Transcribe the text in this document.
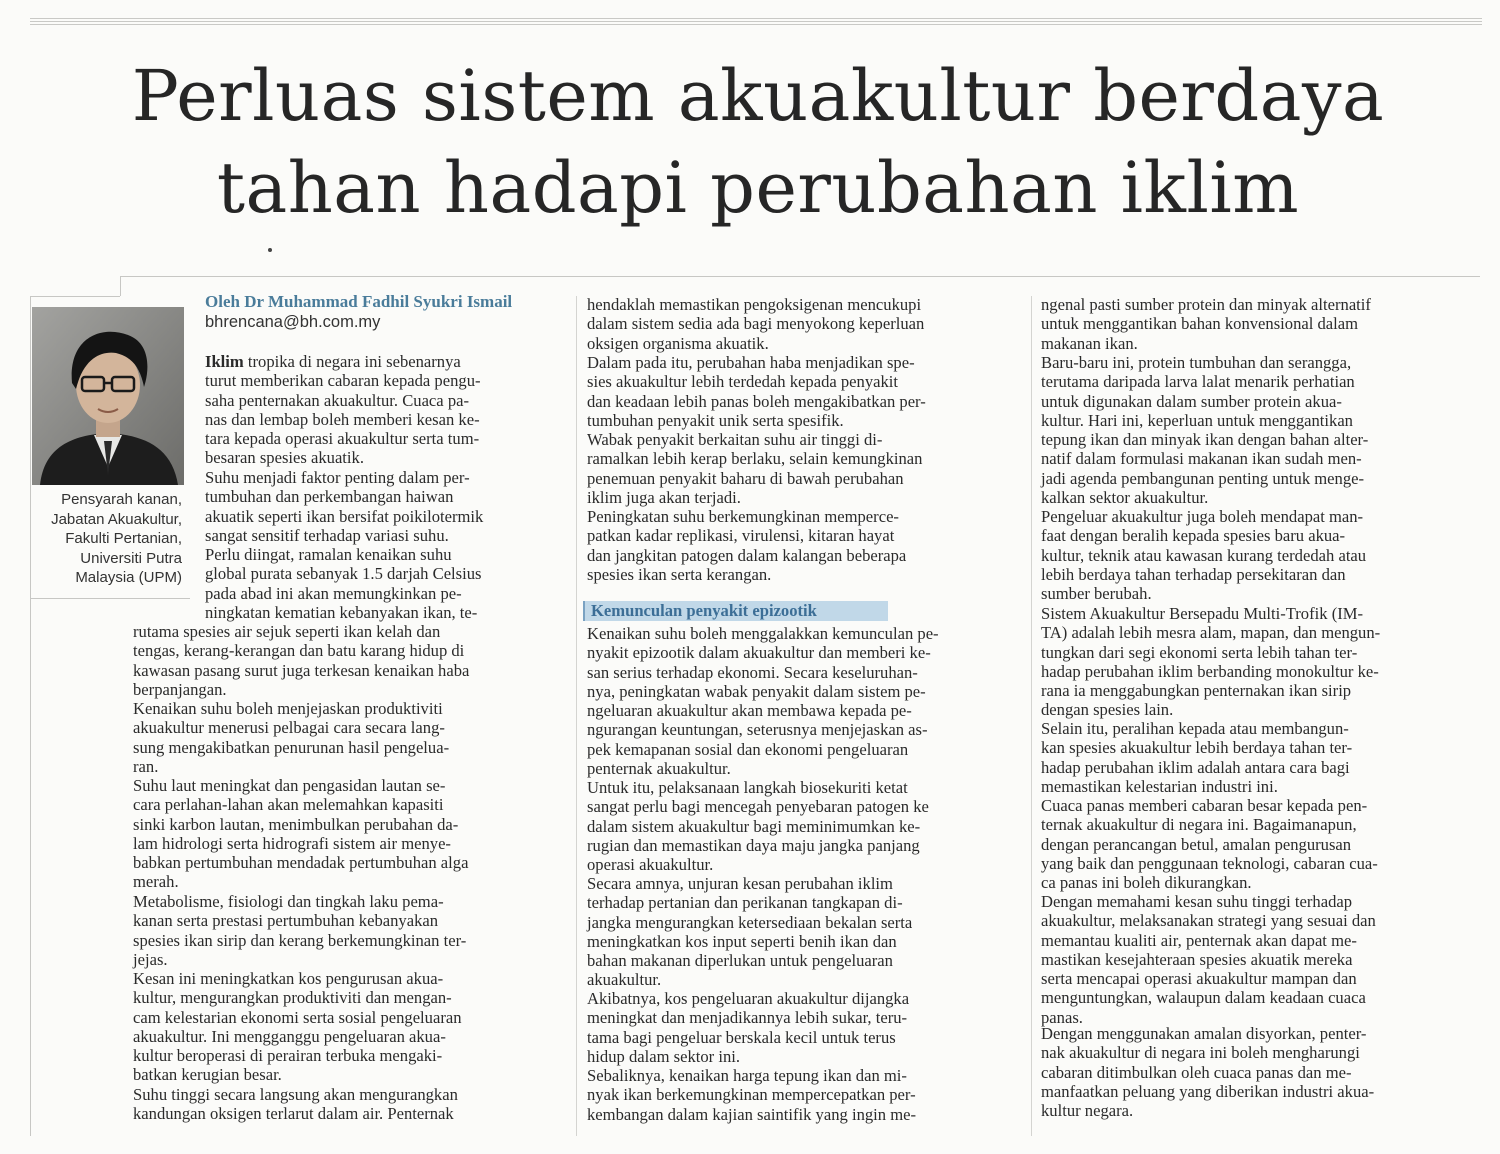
Perluas sistem akuakultur berdaya
tahan hadapi perubahan iklim
Pensyarah kanan,
Jabatan Akuakultur,
Fakulti Pertanian,
Universiti Putra
Malaysia (UPM)
Oleh Dr Muhammad Fadhil Syukri Ismail
bhrencana@bh.com.my
Iklim tropika di negara ini sebenarnya
turut memberikan cabaran kepada pengu-
saha penternakan akuakultur. Cuaca pa-
nas dan lembap boleh memberi kesan ke-
tara kepada operasi akuakultur serta tum-
besaran spesies akuatik.
Suhu menjadi faktor penting dalam per-
tumbuhan dan perkembangan haiwan
akuatik seperti ikan bersifat poikilotermik
sangat sensitif terhadap variasi suhu.
Perlu diingat, ramalan kenaikan suhu
global purata sebanyak 1.5 darjah Celsius
pada abad ini akan memungkinkan pe-
ningkatan kematian kebanyakan ikan, te-
rutama spesies air sejuk seperti ikan kelah dan
tengas, kerang-kerangan dan batu karang hidup di
kawasan pasang surut juga terkesan kenaikan haba
berpanjangan.
Kenaikan suhu boleh menjejaskan produktiviti
akuakultur menerusi pelbagai cara secara lang-
sung mengakibatkan penurunan hasil pengelua-
ran.
Suhu laut meningkat dan pengasidan lautan se-
cara perlahan-lahan akan melemahkan kapasiti
sinki karbon lautan, menimbulkan perubahan da-
lam hidrologi serta hidrografi sistem air menye-
babkan pertumbuhan mendadak pertumbuhan alga
merah.
Metabolisme, fisiologi dan tingkah laku pema-
kanan serta prestasi pertumbuhan kebanyakan
spesies ikan sirip dan kerang berkemungkinan ter-
jejas.
Kesan ini meningkatkan kos pengurusan akua-
kultur, mengurangkan produktiviti dan mengan-
cam kelestarian ekonomi serta sosial pengeluaran
akuakultur. Ini mengganggu pengeluaran akua-
kultur beroperasi di perairan terbuka mengaki-
batkan kerugian besar.
Suhu tinggi secara langsung akan mengurangkan
kandungan oksigen terlarut dalam air. Penternak
hendaklah memastikan pengoksigenan mencukupi
dalam sistem sedia ada bagi menyokong keperluan
oksigen organisma akuatik.
Dalam pada itu, perubahan haba menjadikan spe-
sies akuakultur lebih terdedah kepada penyakit
dan keadaan lebih panas boleh mengakibatkan per-
tumbuhan penyakit unik serta spesifik.
Wabak penyakit berkaitan suhu air tinggi di-
ramalkan lebih kerap berlaku, selain kemungkinan
penemuan penyakit baharu di bawah perubahan
iklim juga akan terjadi.
Peningkatan suhu berkemungkinan memperce-
patkan kadar replikasi, virulensi, kitaran hayat
dan jangkitan patogen dalam kalangan beberapa
spesies ikan serta kerangan.
Kemunculan penyakit epizootik
Kenaikan suhu boleh menggalakkan kemunculan pe-
nyakit epizootik dalam akuakultur dan memberi ke-
san serius terhadap ekonomi. Secara keseluruhan-
nya, peningkatan wabak penyakit dalam sistem pe-
ngeluaran akuakultur akan membawa kepada pe-
ngurangan keuntungan, seterusnya menjejaskan as-
pek kemapanan sosial dan ekonomi pengeluaran
penternak akuakultur.
Untuk itu, pelaksanaan langkah biosekuriti ketat
sangat perlu bagi mencegah penyebaran patogen ke
dalam sistem akuakultur bagi meminimumkan ke-
rugian dan memastikan daya maju jangka panjang
operasi akuakultur.
Secara amnya, unjuran kesan perubahan iklim
terhadap pertanian dan perikanan tangkapan di-
jangka mengurangkan ketersediaan bekalan serta
meningkatkan kos input seperti benih ikan dan
bahan makanan diperlukan untuk pengeluaran
akuakultur.
Akibatnya, kos pengeluaran akuakultur dijangka
meningkat dan menjadikannya lebih sukar, teru-
tama bagi pengeluar berskala kecil untuk terus
hidup dalam sektor ini.
Sebaliknya, kenaikan harga tepung ikan dan mi-
nyak ikan berkemungkinan mempercepatkan per-
kembangan dalam kajian saintifik yang ingin me-
ngenal pasti sumber protein dan minyak alternatif
untuk menggantikan bahan konvensional dalam
makanan ikan.
Baru-baru ini, protein tumbuhan dan serangga,
terutama daripada larva lalat menarik perhatian
untuk digunakan dalam sumber protein akua-
kultur. Hari ini, keperluan untuk menggantikan
tepung ikan dan minyak ikan dengan bahan alter-
natif dalam formulasi makanan ikan sudah men-
jadi agenda pembangunan penting untuk menge-
kalkan sektor akuakultur.
Pengeluar akuakultur juga boleh mendapat man-
faat dengan beralih kepada spesies baru akua-
kultur, teknik atau kawasan kurang terdedah atau
lebih berdaya tahan terhadap persekitaran dan
sumber berubah.
Sistem Akuakultur Bersepadu Multi-Trofik (IM-
TA) adalah lebih mesra alam, mapan, dan mengun-
tungkan dari segi ekonomi serta lebih tahan ter-
hadap perubahan iklim berbanding monokultur ke-
rana ia menggabungkan penternakan ikan sirip
dengan spesies lain.
Selain itu, peralihan kepada atau membangun-
kan spesies akuakultur lebih berdaya tahan ter-
hadap perubahan iklim adalah antara cara bagi
memastikan kelestarian industri ini.
Cuaca panas memberi cabaran besar kepada pen-
ternak akuakultur di negara ini. Bagaimanapun,
dengan perancangan betul, amalan pengurusan
yang baik dan penggunaan teknologi, cabaran cua-
ca panas ini boleh dikurangkan.
Dengan memahami kesan suhu tinggi terhadap
akuakultur, melaksanakan strategi yang sesuai dan
memantau kualiti air, penternak akan dapat me-
mastikan kesejahteraan spesies akuatik mereka
serta mencapai operasi akuakultur mampan dan
menguntungkan, walaupun dalam keadaan cuaca
panas.
Dengan menggunakan amalan disyorkan, penter-
nak akuakultur di negara ini boleh mengharungi
cabaran ditimbulkan oleh cuaca panas dan me-
manfaatkan peluang yang diberikan industri akua-
kultur negara.
